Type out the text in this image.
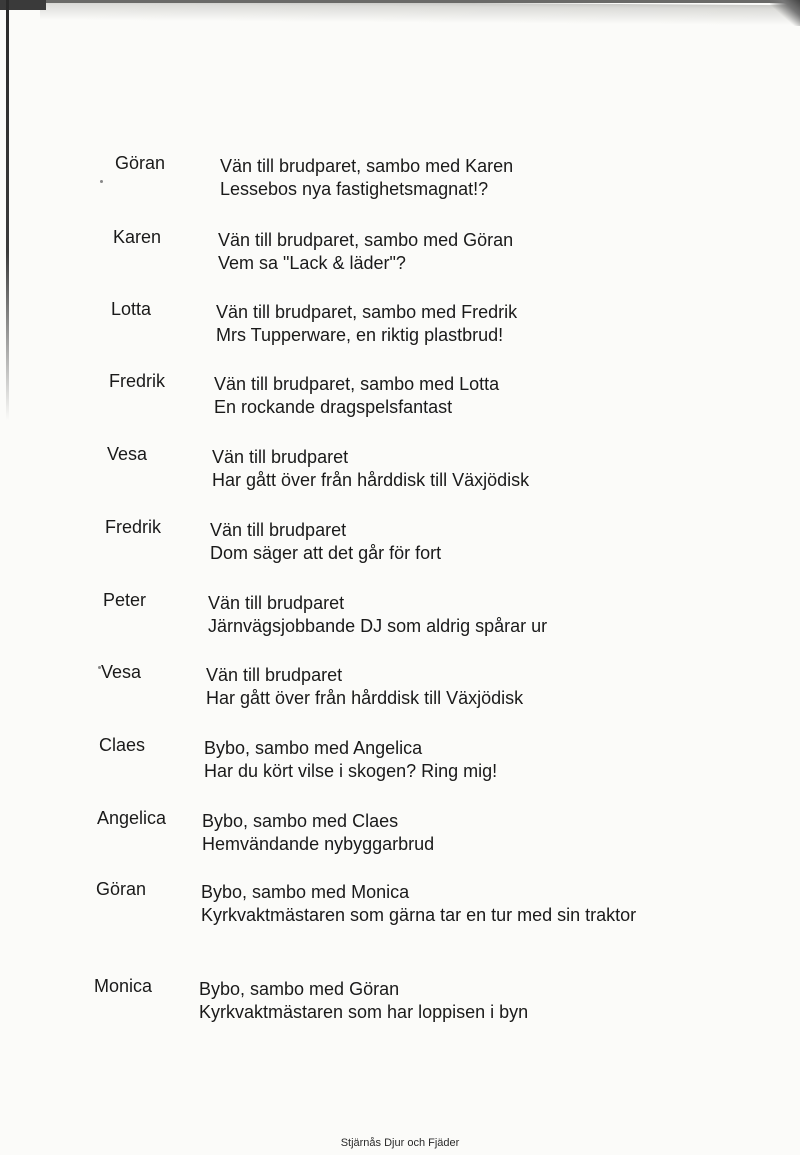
Göran	Vän till brudparet, sambo med Karen
Lessebos nya fastighetsmagnat!?
Karen	Vän till brudparet, sambo med Göran
Vem sa "Lack & läder"?
Lotta	Vän till brudparet, sambo med Fredrik
Mrs Tupperware, en riktig plastbrud!
Fredrik	Vän till brudparet, sambo med Lotta
En rockande dragspelsfantast
Vesa	Vän till brudparet
Har gått över från hårddisk till Växjödisk
Fredrik	Vän till brudparet
Dom säger att det går för fort
Peter	Vän till brudparet
Järnvägsjobbande DJ som aldrig spårar ur
Vesa	Vän till brudparet
Har gått över från hårddisk till Växjödisk
Claes	Bybo, sambo med Angelica
Har du kört vilse i skogen? Ring mig!
Angelica	Bybo, sambo med Claes
Hemvändande nybyggarbrud
Göran	Bybo, sambo med Monica
Kyrkvaktmästaren som gärna tar en tur med sin traktor
Monica	Bybo, sambo med Göran
Kyrkvaktmästaren som har loppisen i byn
Stjärnås Djur och Fjäder
